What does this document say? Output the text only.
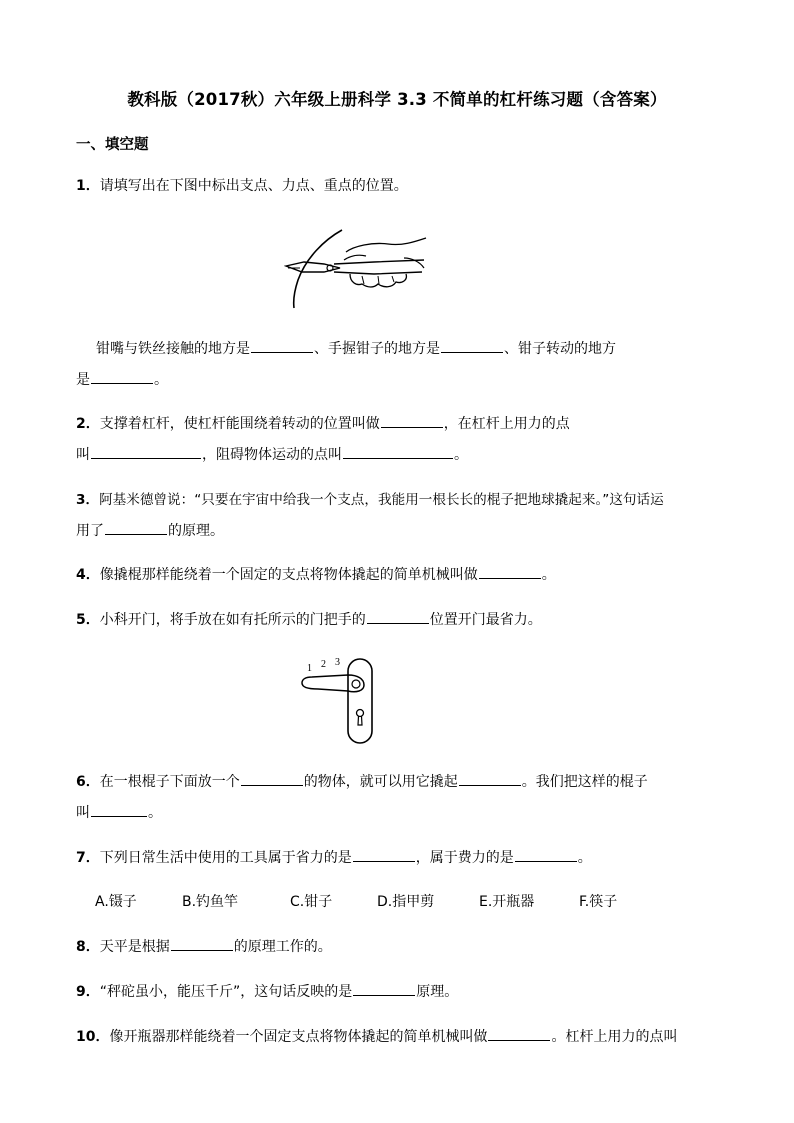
教科版（2017秋）六年级上册科学 3.3 不简单的杠杆练习题（含答案）
一、填空题
1．请填写出在下图中标出支点、力点、重点的位置。
钳嘴与铁丝接触的地方是	、手握钳子的地方是	、钳子转动的地方
是	。
2．支撑着杠杆，使杠杆能围绕着转动的位置叫做	，在杠杆上用力的点
叫	，阻碍物体运动的点叫	。
3．阿基米德曾说：“只要在宇宙中给我一个支点，我能用一根长长的棍子把地球撬起来。”这句话运
用了	的原理。
4．像撬棍那样能绕着一个固定的支点将物体撬起的简单机械叫做	。
5．小科开门，将手放在如有托所示的门把手的	位置开门最省力。
1 2 3
6．在一根棍子下面放一个	的物体，就可以用它撬起	。我们把这样的棍子
叫	。
7．下列日常生活中使用的工具属于省力的是	，属于费力的是	。
A.镊子	B.钓鱼竿	C.钳子	D.指甲剪	E.开瓶器	F.筷子
8．天平是根据	的原理工作的。
9．“秤砣虽小，能压千斤”，这句话反映的是	原理。
10．像开瓶器那样能绕着一个固定支点将物体撬起的简单机械叫做	。杠杆上用力的点叫
